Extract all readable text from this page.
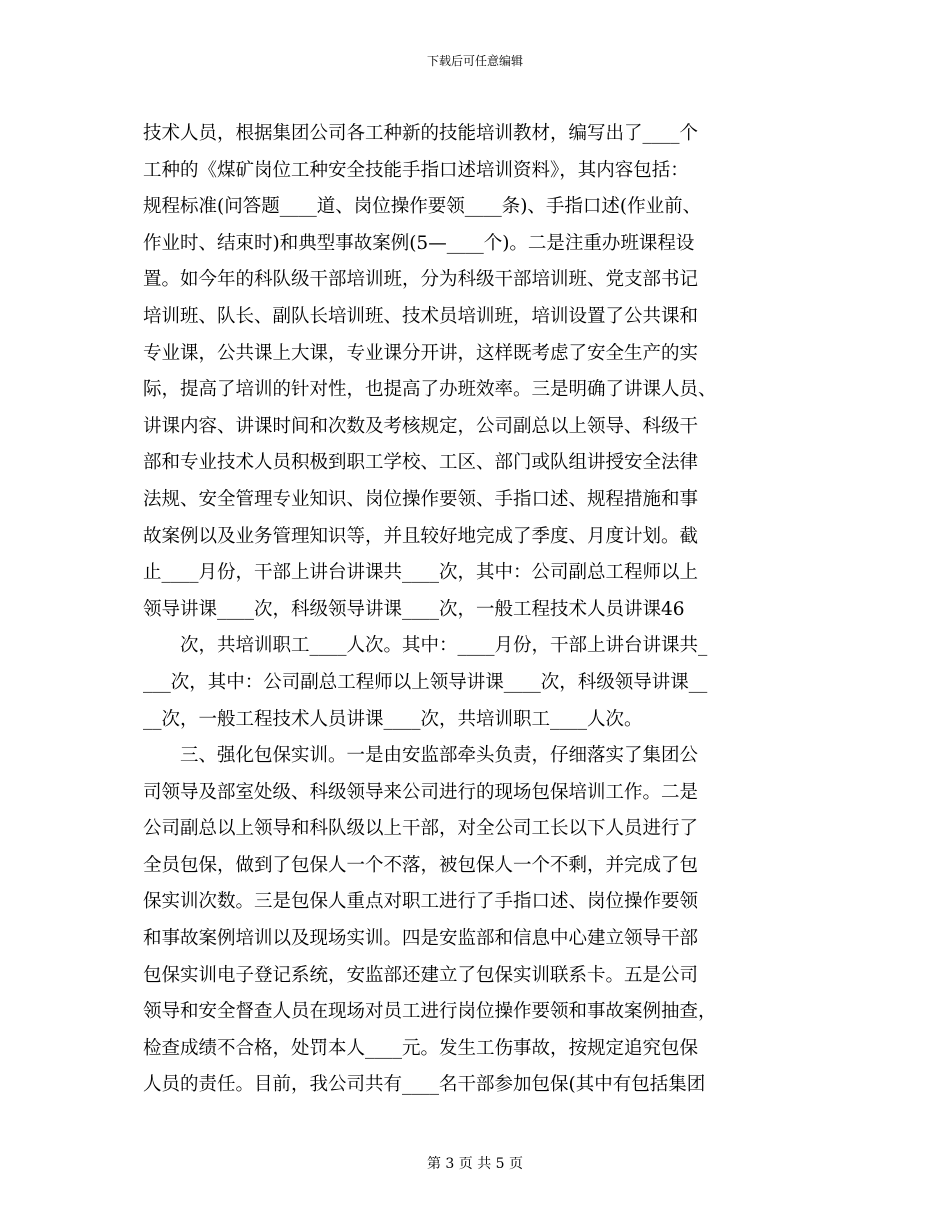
下载后可任意编辑
技术人员，根据集团公司各工种新的技能培训教材，编写出了____个
工种的《煤矿岗位工种安全技能手指口述培训资料》，其内容包括：
规程标准(问答题____道、岗位操作要领____条)、手指口述(作业前、
作业时、结束时)和典型事故案例(5—____个)。二是注重办班课程设
置。如今年的科队级干部培训班，分为科级干部培训班、党支部书记
培训班、队长、副队长培训班、技术员培训班，培训设置了公共课和
专业课，公共课上大课，专业课分开讲，这样既考虑了安全生产的实
际，提高了培训的针对性，也提高了办班效率。三是明确了讲课人员、
讲课内容、讲课时间和次数及考核规定，公司副总以上领导、科级干
部和专业技术人员积极到职工学校、工区、部门或队组讲授安全法律
法规、安全管理专业知识、岗位操作要领、手指口述、规程措施和事
故案例以及业务管理知识等，并且较好地完成了季度、月度计划。截
止____月份，干部上讲台讲课共____次，其中：公司副总工程师以上
领导讲课____次，科级领导讲课____次，一般工程技术人员讲课46
次，共培训职工____人次。其中：____月份，干部上讲台讲课共_
___次，其中：公司副总工程师以上领导讲课____次，科级领导讲课__
__次，一般工程技术人员讲课____次，共培训职工____人次。
三、强化包保实训。一是由安监部牵头负责，仔细落实了集团公
司领导及部室处级、科级领导来公司进行的现场包保培训工作。二是
公司副总以上领导和科队级以上干部，对全公司工长以下人员进行了
全员包保，做到了包保人一个不落，被包保人一个不剩，并完成了包
保实训次数。三是包保人重点对职工进行了手指口述、岗位操作要领
和事故案例培训以及现场实训。四是安监部和信息中心建立领导干部
包保实训电子登记系统，安监部还建立了包保实训联系卡。五是公司
领导和安全督查人员在现场对员工进行岗位操作要领和事故案例抽查，
检查成绩不合格，处罚本人____元。发生工伤事故，按规定追究包保
人员的责任。目前，我公司共有____名干部参加包保(其中有包括集团
第 3 页 共 5 页
